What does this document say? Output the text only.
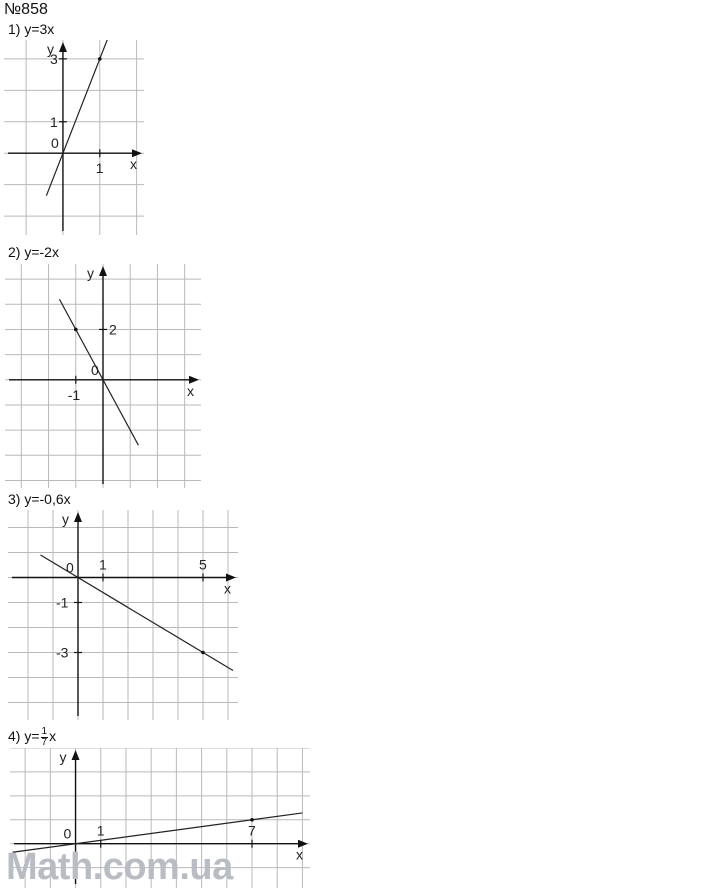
№858
1) y=3x
x
y
0
1
1
3
2) y=-2x
x
y
0
-1
2
3) y=-0,6x
x
y
0 1	5
-1
-3
4) $y= \frac{1}{7}$ x
x
y
0 1	7
Math.com.ua
